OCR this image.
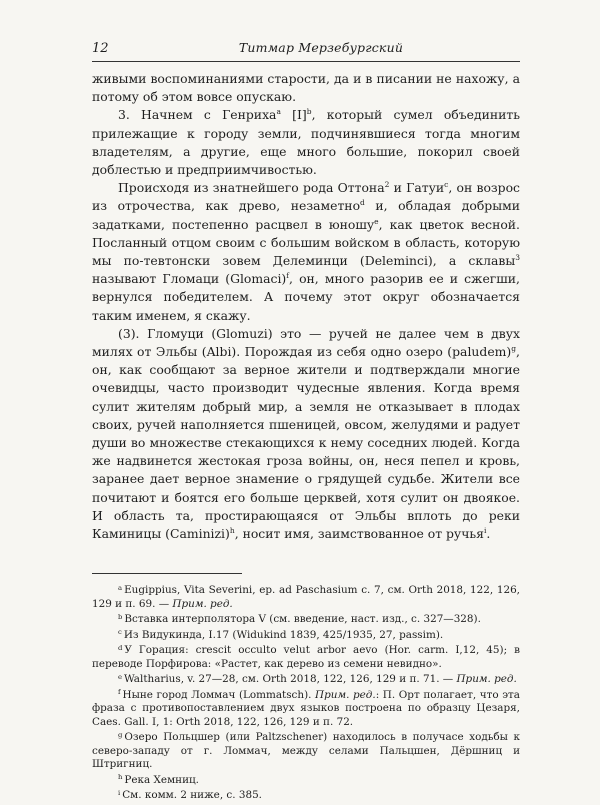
12	Титмар Мерзебургский

живыми воспоминаниями старости, да и в писании не нахожу, а потому об этом вовсе опускаю.

3. Начнем с Генриха$^a$ $[I]^b$, который сумел объединить прилежащие к городу земли, подчинявшиеся тогда многим владетелям, а другие, еще много большие, покорил своей доблестью и предприимчивостью.

Происходя из знатнейшего рода Оттона$^2$ и Гатуи$^c$, он возрос из отрочества, как древо, незаметно$^d$ и, обладая добрыми задатками, постепенно расцвел в юношу$^e$, как цветок весной. Посланный отцом своим с большим войском в область, которую мы по-тевтонски зовем Делеминци (Deleminci), а склавы$^3$ называют Гломаци (Glomaci)$^f$, он, много разорив ее и сжегши, вернулся победителем. А почему этот округ обозначается таким именем, я скажу.

(3). Гломуци (Glomuzi) это — ручей не далее чем в двух милях от Эльбы (Albi). Порождая из себя одно озеро (paludem)$^g$, он, как сообщают за верное жители и подтверждали многие очевидцы, часто производит чудесные явления. Когда время сулит жителям добрый мир, а земля не отказывает в плодах своих, ручей наполняется пшеницей, овсом, желудями и радует души во множестве стекающихся к нему соседних людей. Когда же надвинется жестокая гроза войны, он, неся пепел и кровь, заранее дает верное знамение о грядущей судьбе. Жители все почитают и боятся его больше церквей, хотя сулит он двоякое. И область та, простирающаяся от Эльбы вплоть до реки Каминицы (Caminizi)$^h$, носит имя, заимствованное от ручья$^i$.

$^a$ Eugippius, Vita Severini, ep. ad Paschasium c. 7, см. Orth 2018, 122, 126, 129 и п. 69. — Прим. ред.

$^b$ Вставка интерполятора V (см. введение, наст. изд., с. 327—328).

$^c$ Из Видукинда, I.17 (Widukind 1839, 425/1935, 27, passim).

$^d$ У Горация: crescit occulto velut arbor aevo (Hor. carm. I,12, 45); в переводе Порфирова: «Растет, как дерево из семени невидно».

$^e$ Waltharius, v. 27—28, см. Orth 2018, 122, 126, 129 и п. 71. — Прим. ред.

$^f$ Ныне город Ломмач (Lommatsch). Прим. ред.: П. Орт полагает, что эта фраза с противопоставлением двух языков построена по образцу Цезаря, Caes. Gall. I, 1: Orth 2018, 122, 126, 129 и п. 72.

$^g$ Озеро Польцшер (или Paltzschener) находилось в получасе ходьбы к северо-западу от г. Ломмач, между селами Пальцшен, Дёршниц и Штригниц.

$^h$ Река Хемниц.

$^i$ См. комм. 2 ниже, с. 385.
